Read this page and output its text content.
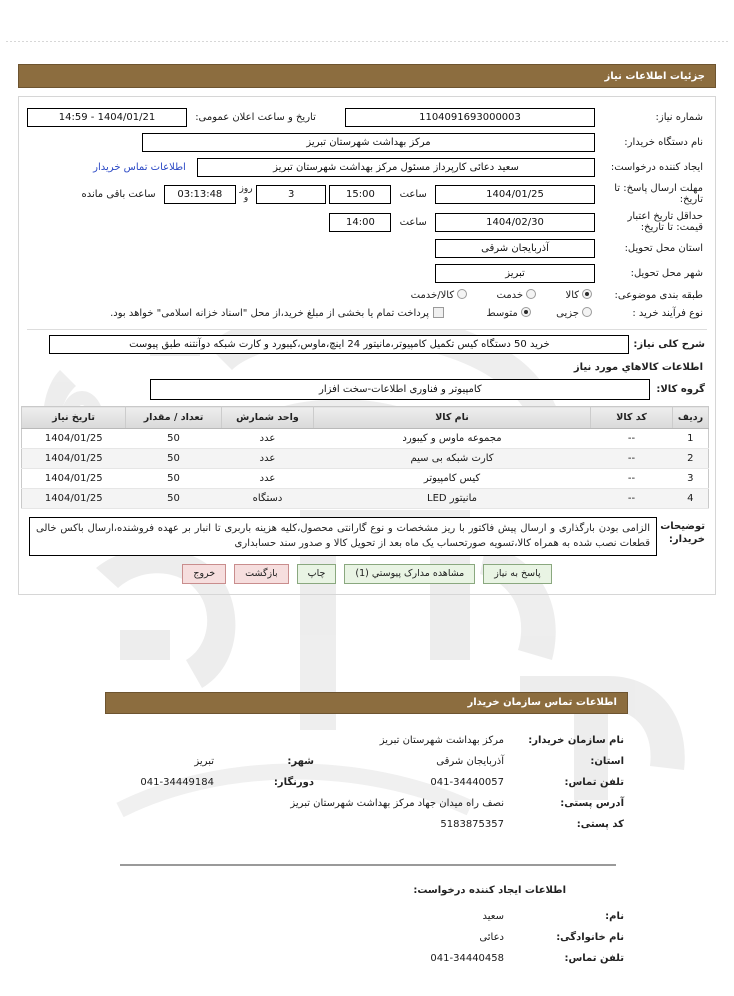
جزئیات اطلاعات نیاز
شماره نیاز:	1104091693000003	تاریخ و ساعت اعلان عمومی: 1404/01/21 - 14:59
نام دستگاه خریدار:	مرکز بهداشت شهرستان تبریز	
ایجاد کننده درخواست:	سعید دعائی کارپرداز مسئول مرکز بهداشت شهرستان تبریز اطلاعات تماس خریدار	
مهلت ارسال پاسخ: تا تاریخ:	1404/01/25 ساعت 15:00 3 روز و 03:13:48 ساعت باقی مانده	
حداقل تاریخ اعتبار قیمت: تا تاریخ:	1404/02/30 ساعت 14:00	
استان محل تحویل:	آذربایجان شرقی	
شهر محل تحویل:	تبریز	
طبقه بندی موضوعی:	کالا  خدمت  کالا/خدمت	
نوع فرآیند خرید :	جزیی  متوسط  پرداخت تمام یا بخشی از مبلغ خرید،از محل "اسناد خزانه اسلامی" خواهد بود.	
شرح کلی نیاز:
خرید 50 دستگاه کیس تکمیل کامپیوتر،مانیتور 24 اینچ،ماوس،کیبورد و کارت شبکه دوآنتنه طبق پیوست
اطلاعات کالاهاي مورد نیاز
گروه کالا:
کامپیوتر و فناوری اطلاعات-سخت افزار
ردیف	کد کالا	نام کالا	واحد شمارش	تعداد / مقدار	تاریخ نیاز
1	--	مجموعه ماوس و کیبورد	عدد	50	1404/01/25
2	--	کارت شبکه بی سیم	عدد	50	1404/01/25
3	--	کیس کامپیوتر	عدد	50	1404/01/25
4	--	مانیتور LED	دستگاه	50	1404/01/25
توضیحات خریدار:
الزامی بودن بارگذاری و ارسال پیش فاکتور با ریز مشخصات و نوع گارانتی محصول،کلیه هزینه باربری تا انبار بر عهده فروشنده،ارسال باکس خالی قطعات نصب شده به همراه کالا،تسویه صورتحساب یک ماه بعد از تحویل کالا و صدور سند حسابداری
پاسخ به نیاز
مشاهده مدارک پیوستي (1)
چاپ
بازگشت
خروج
اطلاعات تماس سازمان خریدار
نام سازمان خریدار:	مرکز بهداشت شهرستان تبریز		
استان:	آذربایجان شرقی	شهر:	تبریز
تلفن تماس:	041-34440057	دورنگار:	041-34449184
آدرس پستی:	نصف راه میدان جهاد مرکز بهداشت شهرستان تبریز		
کد پستی:	5183875357		
اطلاعات ایجاد کننده درخواست:
نام:	سعید
نام خانوادگی:	دعائی
تلفن تماس:	041-34440458
